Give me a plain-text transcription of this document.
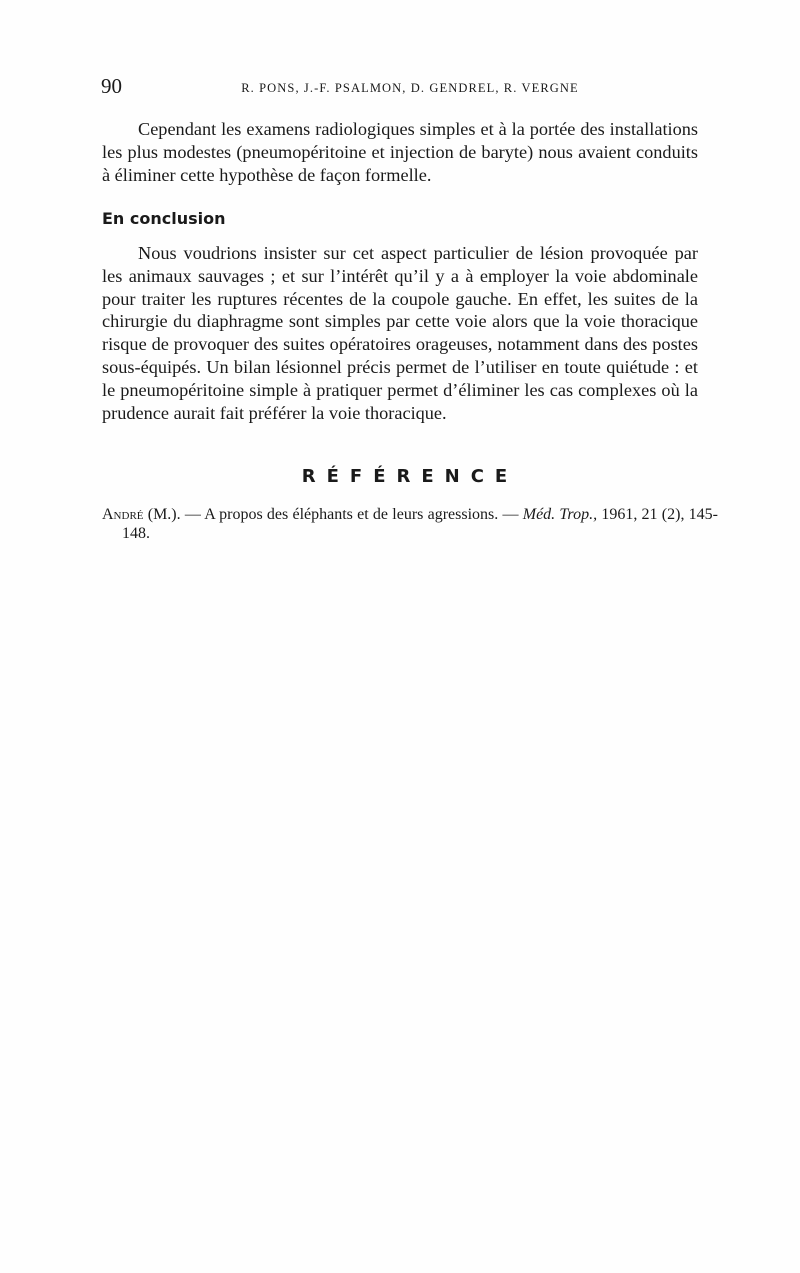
90	R. PONS, J.-F. PSALMON, D. GENDREL, R. VERGNE

Cependant les examens radiologiques simples et à la portée des installations les plus modestes (pneumopéritoine et injection de baryte) nous avaient conduits à éliminer cette hypothèse de façon formelle.

En conclusion

Nous voudrions insister sur cet aspect particulier de lésion provoquée par les animaux sauvages ; et sur l’intérêt qu’il y a à employer la voie abdominale pour traiter les ruptures récentes de la coupole gauche. En effet, les suites de la chirurgie du diaphragme sont simples par cette voie alors que la voie thoracique risque de provoquer des suites opératoires orageuses, notamment dans des postes sous-équipés. Un bilan lésionnel précis permet de l’utiliser en toute quiétude : et le pneumopéritoine simple à pratiquer permet d’éliminer les cas complexes où la prudence aurait fait préférer la voie thoracique.

RÉFÉRENCE

André (M.). — A propos des éléphants et de leurs agressions. — Méd. Trop., 1961, 21 (2), 145-148.
